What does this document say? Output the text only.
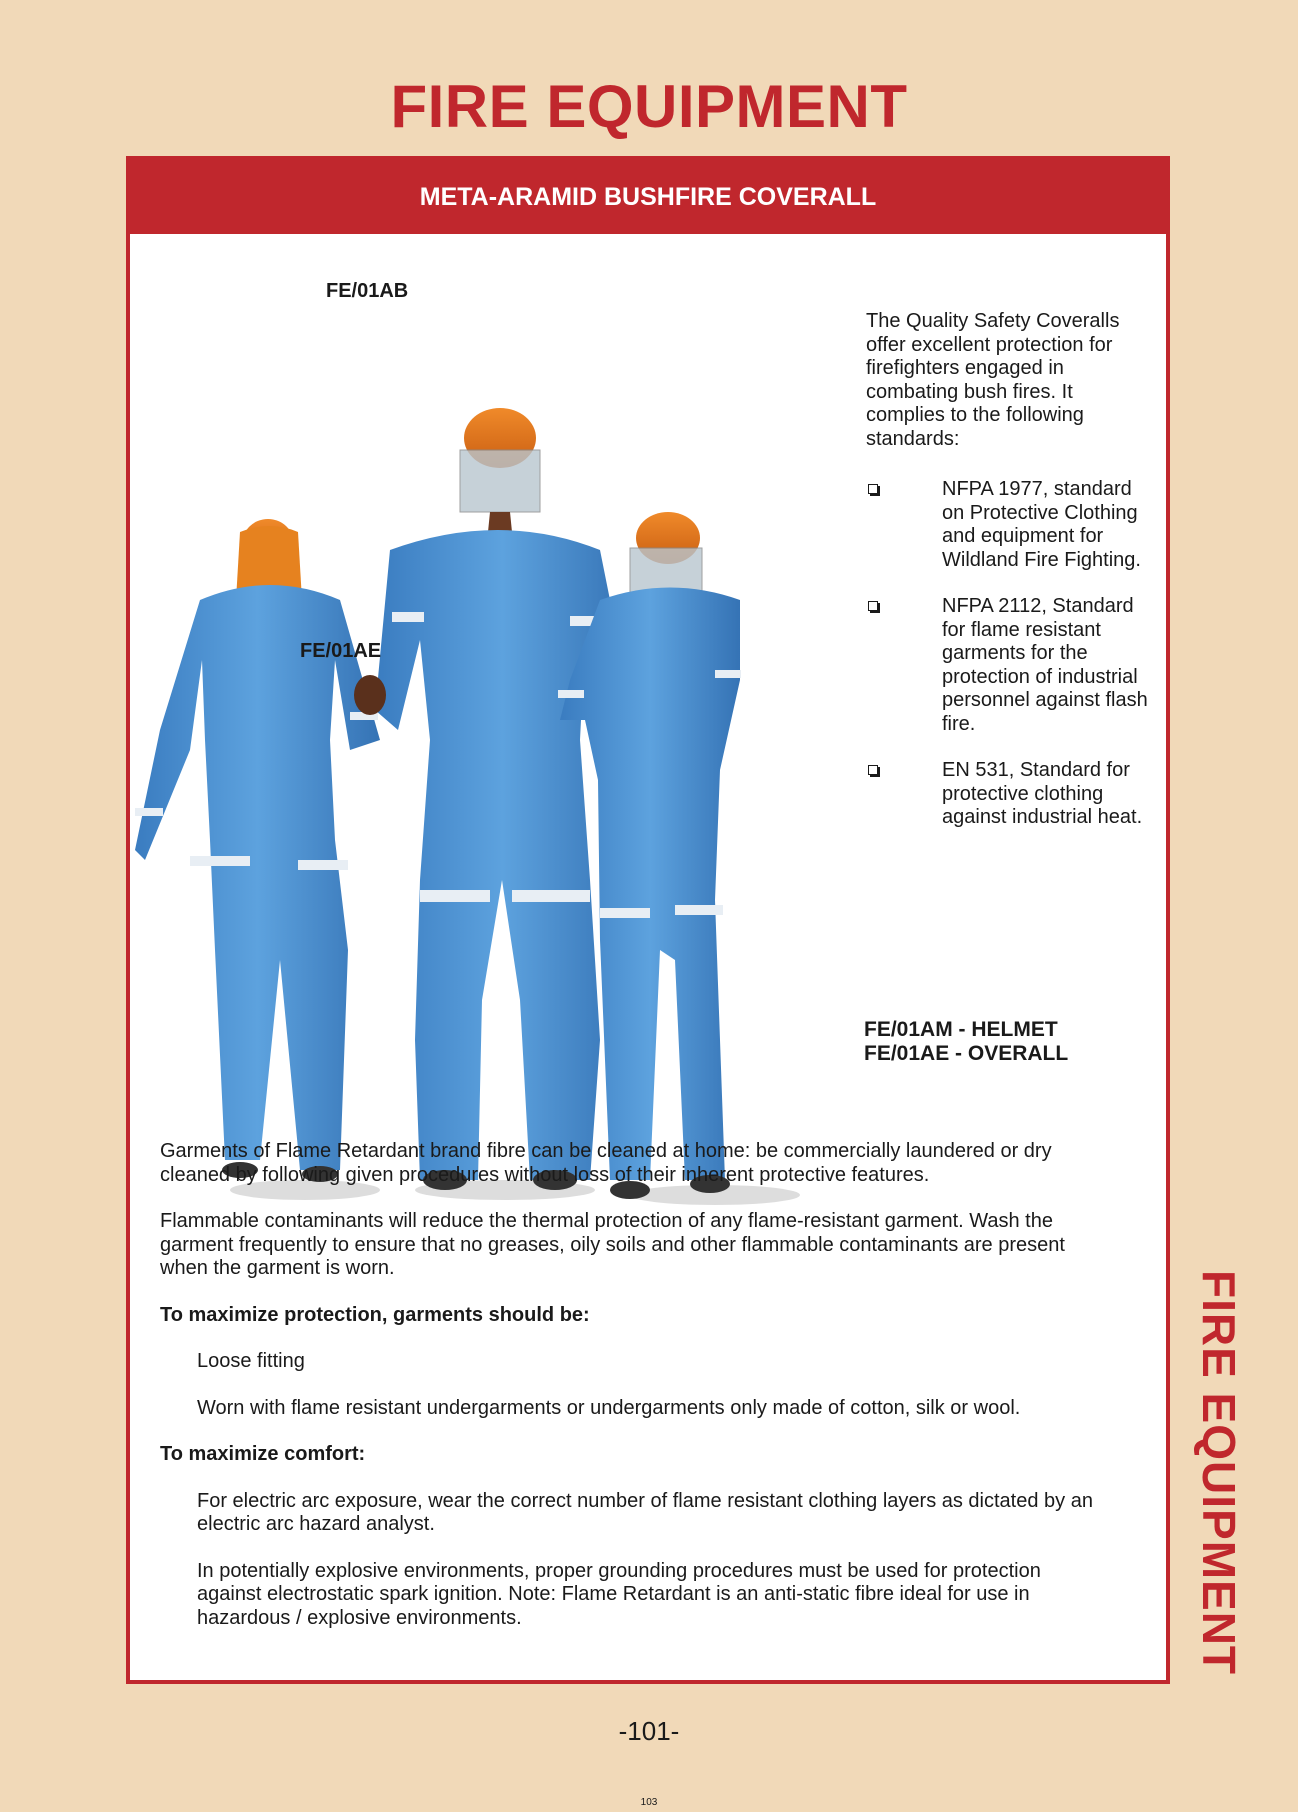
FIRE EQUIPMENT
META-ARAMID BUSHFIRE COVERALL
FE/01AB
FE/01AE
The Quality Safety Coveralls offer excellent protection for firefighters engaged in combating bush fires. It complies to the following standards:
NFPA 1977, standard on Protective Clothing and equipment for Wildland Fire Fighting.
NFPA 2112, Standard for flame resistant garments for the protection of industrial personnel against flash fire.
EN 531, Standard for protective clothing against industrial heat.
FE/01AM - HELMET
FE/01AE - OVERALL

Garments of Flame Retardant brand fibre can be cleaned at home: be commercially laundered or dry cleaned by following given procedures without loss of their inherent protective features.

Flammable contaminants will reduce the thermal protection of any flame-resistant garment. Wash the garment frequently to ensure that no greases, oily soils and other flammable contaminants are present when the garment is worn.

To maximize protection, garments should be:

Loose fitting

Worn with flame resistant undergarments or undergarments only made of cotton, silk or wool.

To maximize comfort:

For electric arc exposure, wear the correct number of flame resistant clothing layers as dictated by an electric arc hazard analyst.

In potentially explosive environments, proper grounding procedures must be used for protection against electrostatic spark ignition. Note: Flame Retardant is an anti-static fibre ideal for use in hazardous / explosive environments.	FIRE EQUIPMENT
-101-
103
